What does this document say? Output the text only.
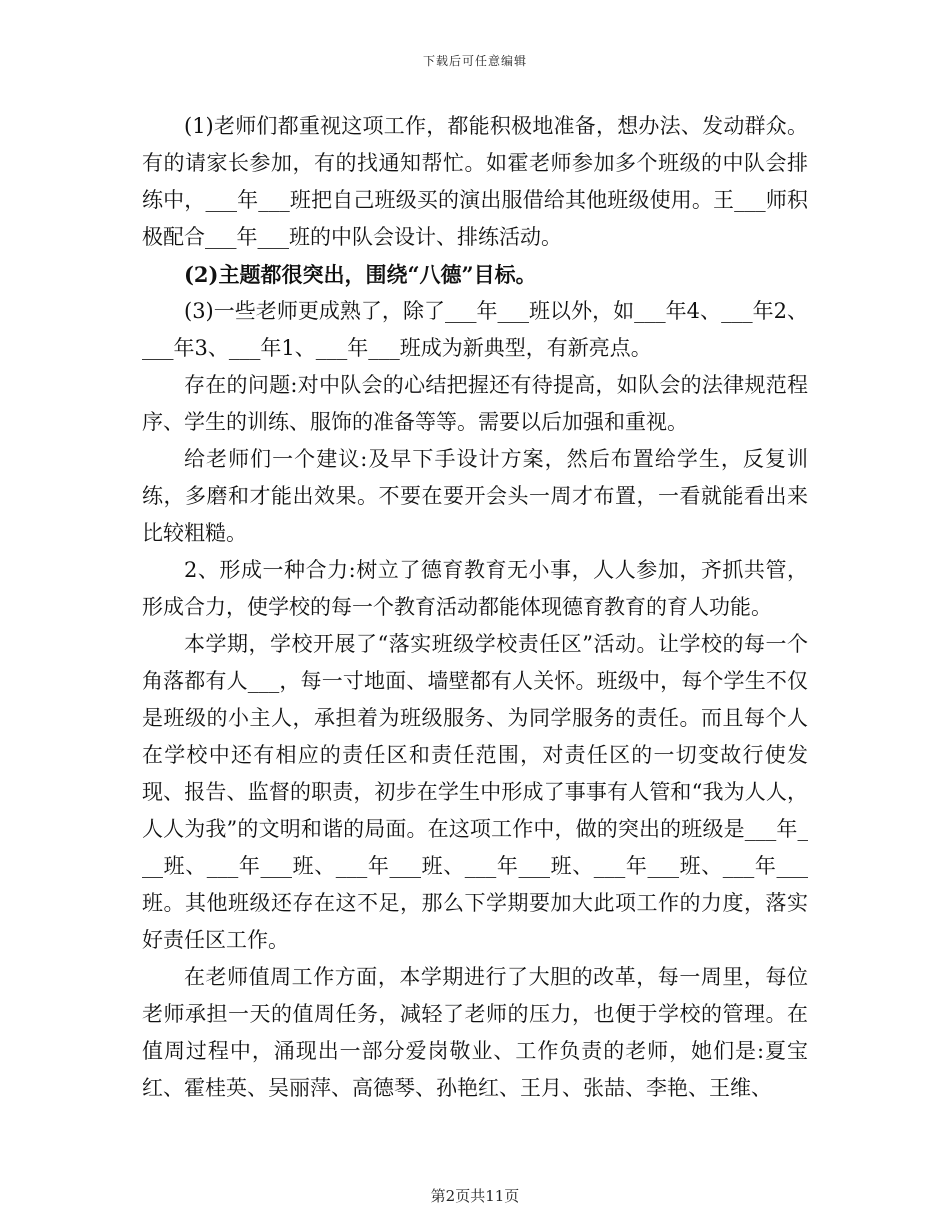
下载后可任意编辑

(1)老师们都重视这项工作，都能积极地准备，想办法、发动群众。有的请家长参加，有的找通知帮忙。如霍老师参加多个班级的中队会排练中，___年___班把自己班级买的演出服借给其他班级使用。王___师积极配合___年___班的中队会设计、排练活动。

(2)主题都很突出，围绕“八德”目标。

(3)一些老师更成熟了，除了___年___班以外，如___年4、___年2、___年3、___年1、___年___班成为新典型，有新亮点。

存在的问题:对中队会的心结把握还有待提高，如队会的法律规范程序、学生的训练、服饰的准备等等。需要以后加强和重视。

给老师们一个建议:及早下手设计方案，然后布置给学生，反复训练，多磨和才能出效果。不要在要开会头一周才布置，一看就能看出来比较粗糙。

2、形成一种合力:树立了德育教育无小事，人人参加，齐抓共管，形成合力，使学校的每一个教育活动都能体现德育教育的育人功能。

本学期，学校开展了“落实班级学校责任区”活动。让学校的每一个角落都有人___，每一寸地面、墙壁都有人关怀。班级中，每个学生不仅是班级的小主人，承担着为班级服务、为同学服务的责任。而且每个人在学校中还有相应的责任区和责任范围，对责任区的一切变故行使发现、报告、监督的职责，初步在学生中形成了事事有人管和“我为人人，人人为我”的文明和谐的局面。在这项工作中，做的突出的班级是___年___班、___年___班、___年___班、___年___班、___年___班、___年___班。其他班级还存在这不足，那么下学期要加大此项工作的力度，落实好责任区工作。

在老师值周工作方面，本学期进行了大胆的改革，每一周里，每位老师承担一天的值周任务，减轻了老师的压力，也便于学校的管理。在值周过程中，涌现出一部分爱岗敬业、工作负责的老师，她们是:夏宝红、霍桂英、吴丽萍、高德琴、孙艳红、王月、张喆、李艳、王维、

第2页共11页
